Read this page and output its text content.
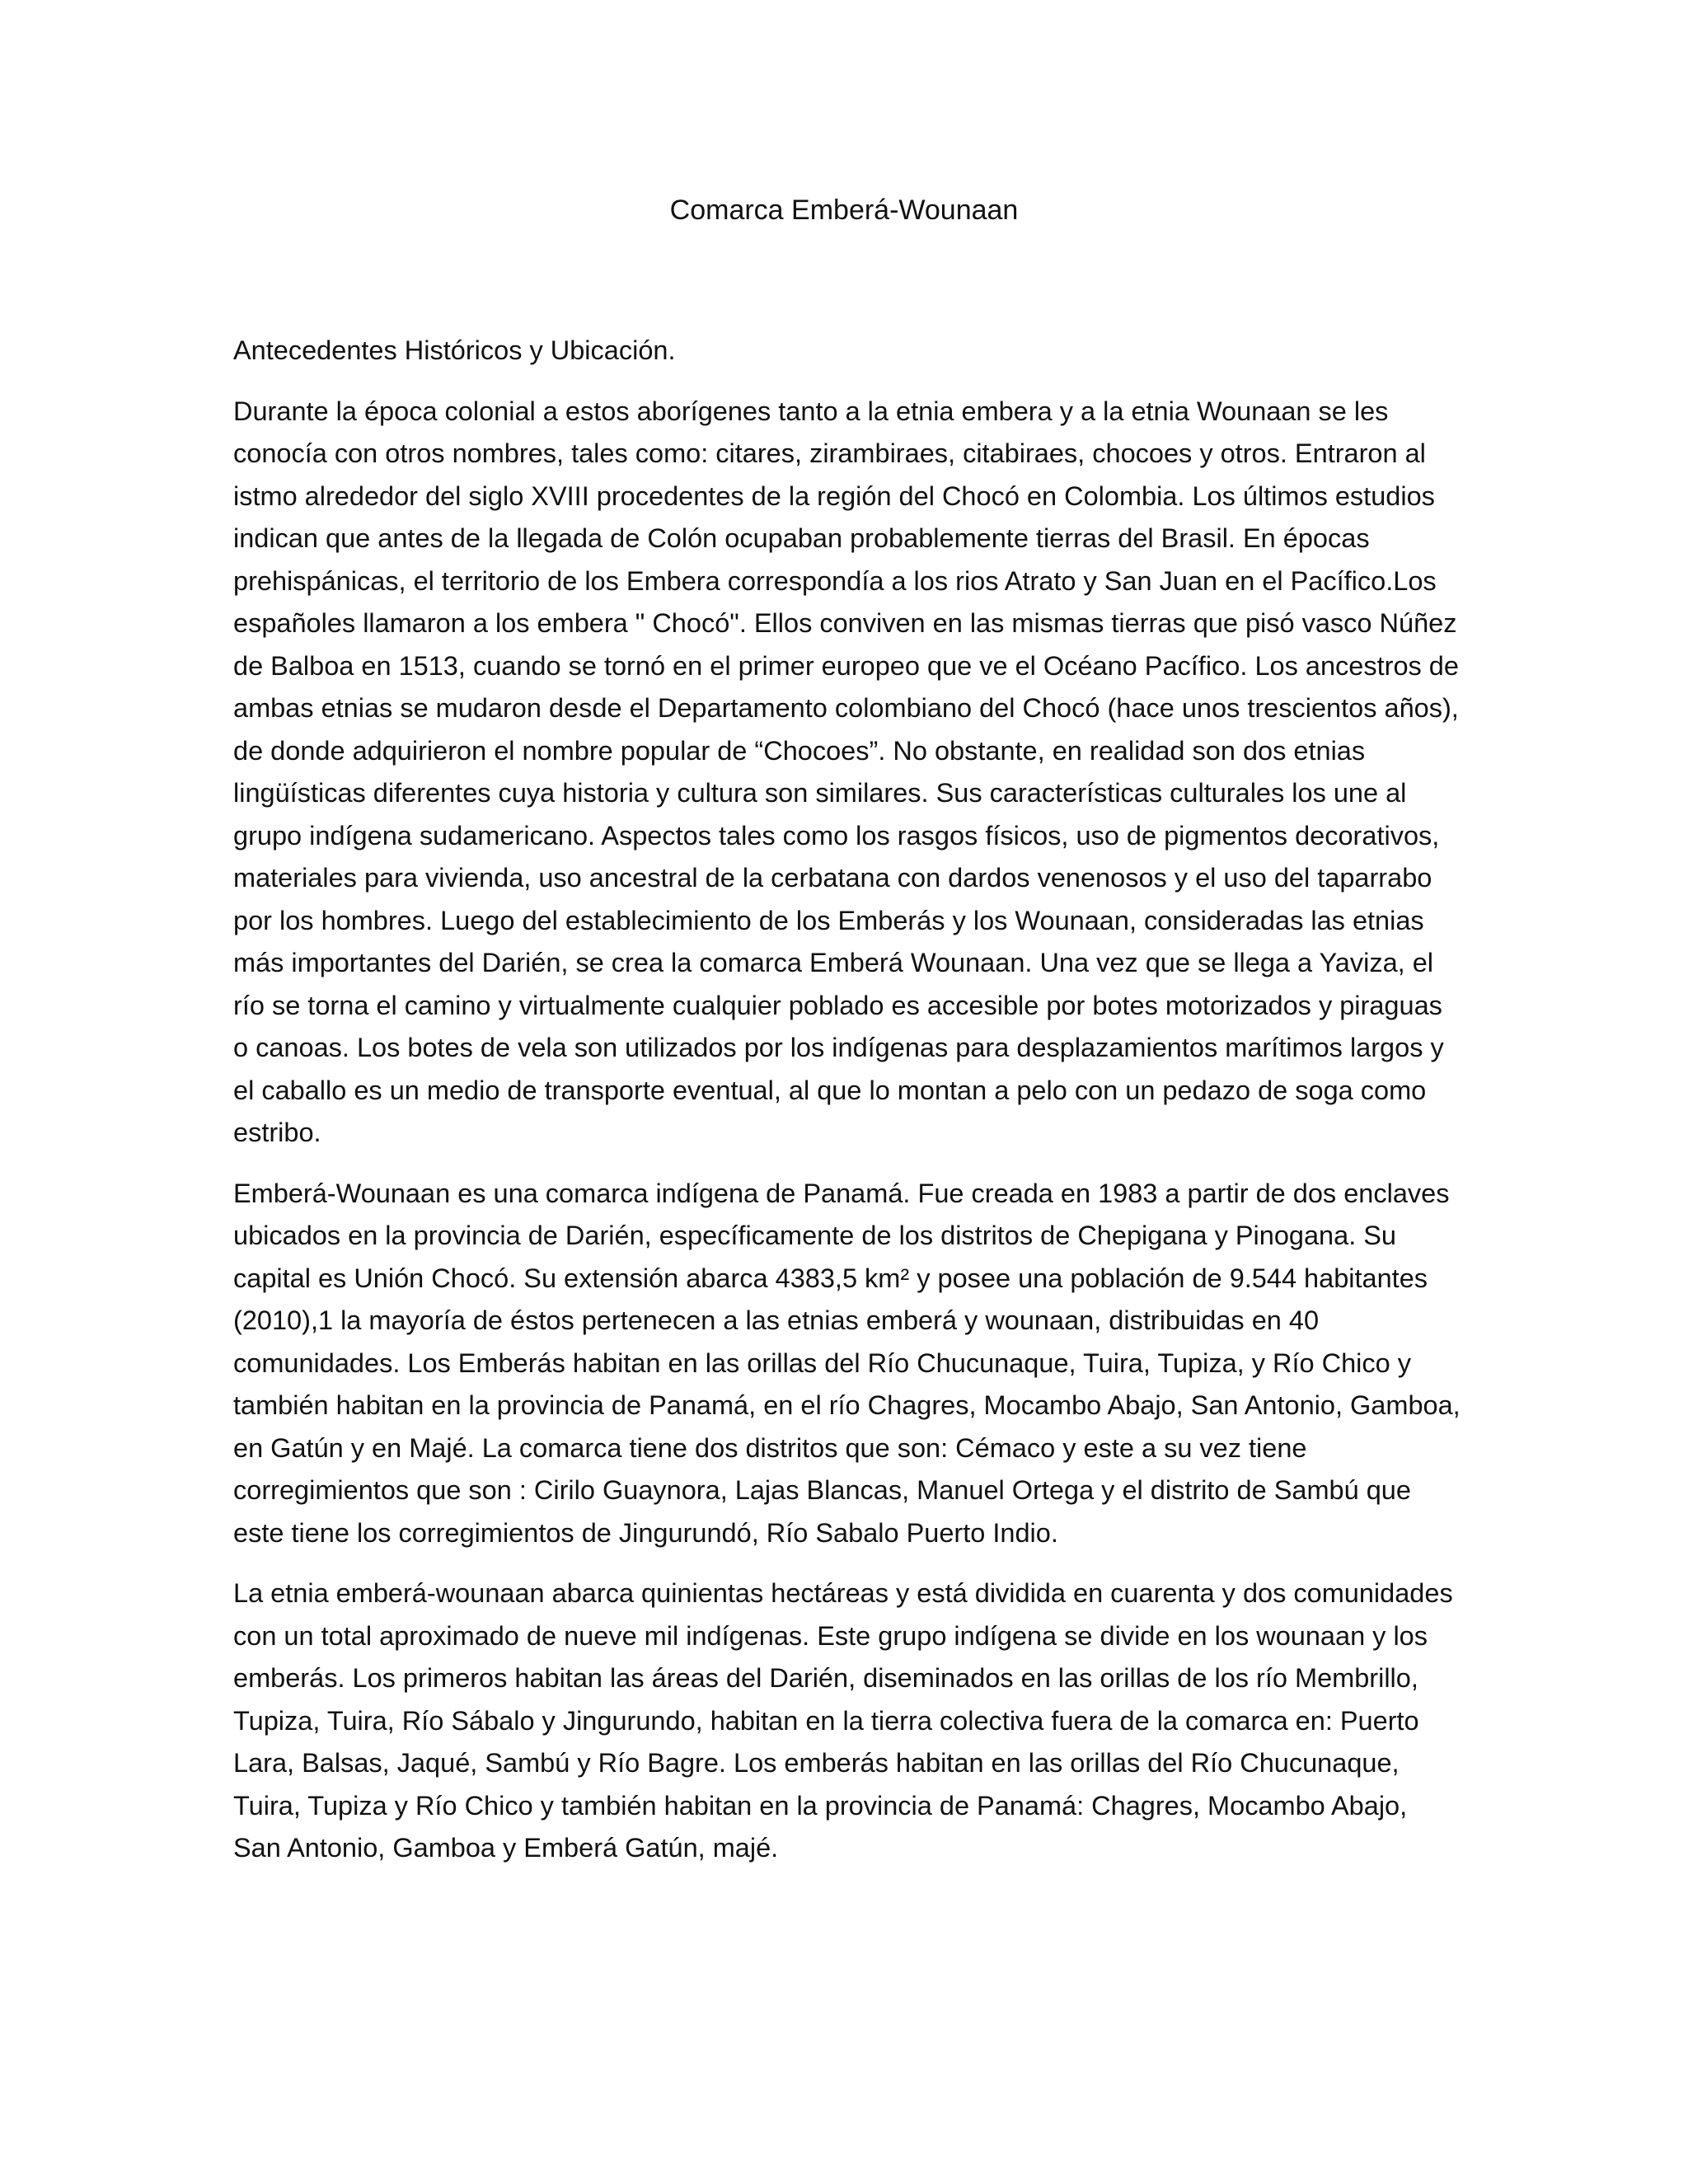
Comarca Emberá-Wounaan

Antecedentes Históricos y Ubicación.

Durante la época colonial a estos aborígenes tanto a la etnia embera y a la etnia Wounaan se les conocía con otros nombres, tales como: citares, zirambiraes, citabiraes, chocoes y otros. Entraron al istmo alrededor del siglo XVIII procedentes de la región del Chocó en Colombia. Los últimos estudios indican que antes de la llegada de Colón ocupaban probablemente tierras del Brasil. En épocas prehispánicas, el territorio de los Embera correspondía a los rios Atrato y San Juan en el Pacífico.Los españoles llamaron a los embera " Chocó". Ellos conviven en las mismas tierras que pisó vasco Núñez de Balboa en 1513, cuando se tornó en el primer europeo que ve el Océano Pacífico. Los ancestros de ambas etnias se mudaron desde el Departamento colombiano del Chocó (hace unos trescientos años), de donde adquirieron el nombre popular de “Chocoes”. No obstante, en realidad son dos etnias lingüísticas diferentes cuya historia y cultura son similares. Sus características culturales los une al grupo indígena sudamericano. Aspectos tales como los rasgos físicos, uso de pigmentos decorativos, materiales para vivienda, uso ancestral de la cerbatana con dardos venenosos y el uso del taparrabo por los hombres. Luego del establecimiento de los Emberás y los Wounaan, consideradas las etnias más importantes del Darién, se crea la comarca Emberá Wounaan. Una vez que se llega a Yaviza, el río se torna el camino y virtualmente cualquier poblado es accesible por botes motorizados y piraguas o canoas. Los botes de vela son utilizados por los indígenas para desplazamientos marítimos largos y el caballo es un medio de transporte eventual, al que lo montan a pelo con un pedazo de soga como estribo.

Emberá-Wounaan es una comarca indígena de Panamá. Fue creada en 1983 a partir de dos enclaves ubicados en la provincia de Darién, específicamente de los distritos de Chepigana y Pinogana. Su capital es Unión Chocó. Su extensión abarca 4383,5 km² y posee una población de 9.544 habitantes (2010),1 la mayoría de éstos pertenecen a las etnias emberá y wounaan, distribuidas en 40 comunidades. Los Emberás habitan en las orillas del Río Chucunaque, Tuira, Tupiza, y Río Chico y también habitan en la provincia de Panamá, en el río Chagres, Mocambo Abajo, San Antonio, Gamboa, en Gatún y en Majé. La comarca tiene dos distritos que son: Cémaco y este a su vez tiene corregimientos que son : Cirilo Guaynora, Lajas Blancas, Manuel Ortega y el distrito de Sambú que este tiene los corregimientos de Jingurundó, Río Sabalo Puerto Indio.

La etnia emberá-wounaan abarca quinientas hectáreas y está dividida en cuarenta y dos comunidades con un total aproximado de nueve mil indígenas. Este grupo indígena se divide en los wounaan y los emberás. Los primeros habitan las áreas del Darién, diseminados en las orillas de los río Membrillo, Tupiza, Tuira, Río Sábalo y Jingurundo, habitan en la tierra colectiva fuera de la comarca en: Puerto Lara, Balsas, Jaqué, Sambú y Río Bagre. Los emberás habitan en las orillas del Río Chucunaque, Tuira, Tupiza y Río Chico y también habitan en la provincia de Panamá: Chagres, Mocambo Abajo, San Antonio, Gamboa y Emberá Gatún, majé.
